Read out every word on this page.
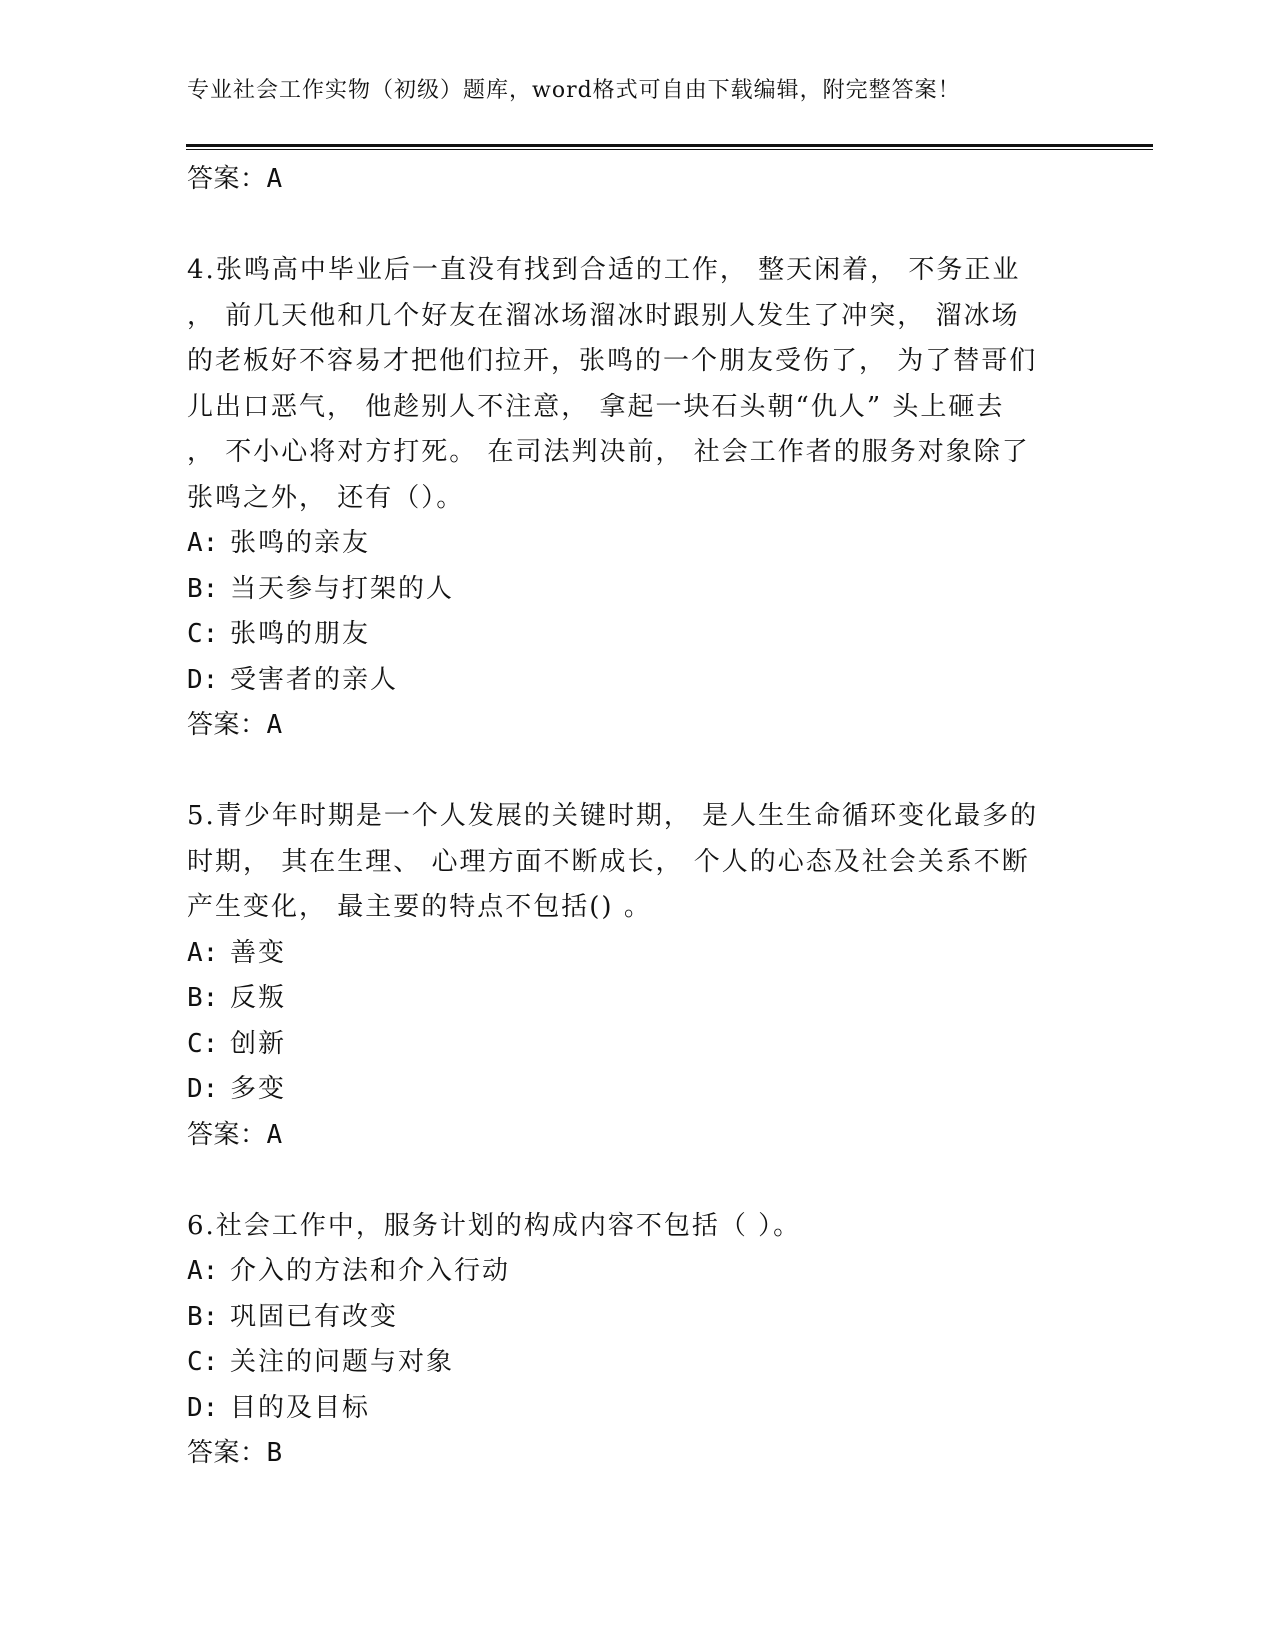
专业社会工作实物（初级）题库，word格式可自由下载编辑，附完整答案！
答案：A
4.张鸣高中毕业后一直没有找到合适的工作， 整天闲着， 不务正业
， 前几天他和几个好友在溜冰场溜冰时跟别人发生了冲突， 溜冰场
的老板好不容易才把他们拉开，张鸣的一个朋友受伤了， 为了替哥们
儿出口恶气， 他趁别人不注意， 拿起一块石头朝“仇人” 头上砸去
， 不小心将对方打死。 在司法判决前， 社会工作者的服务对象除了
张鸣之外， 还有（）。
A: 张鸣的亲友
B: 当天参与打架的人
C: 张鸣的朋友
D: 受害者的亲人
答案：A
5.青少年时期是一个人发展的关键时期， 是人生生命循环变化最多的
时期， 其在生理、 心理方面不断成长， 个人的心态及社会关系不断
产生变化， 最主要的特点不包括() 。
A: 善变
B: 反叛
C: 创新
D: 多变
答案：A
6.社会工作中，服务计划的构成内容不包括（ ）。
A: 介入的方法和介入行动
B: 巩固已有改变
C: 关注的问题与对象
D: 目的及目标
答案：B
